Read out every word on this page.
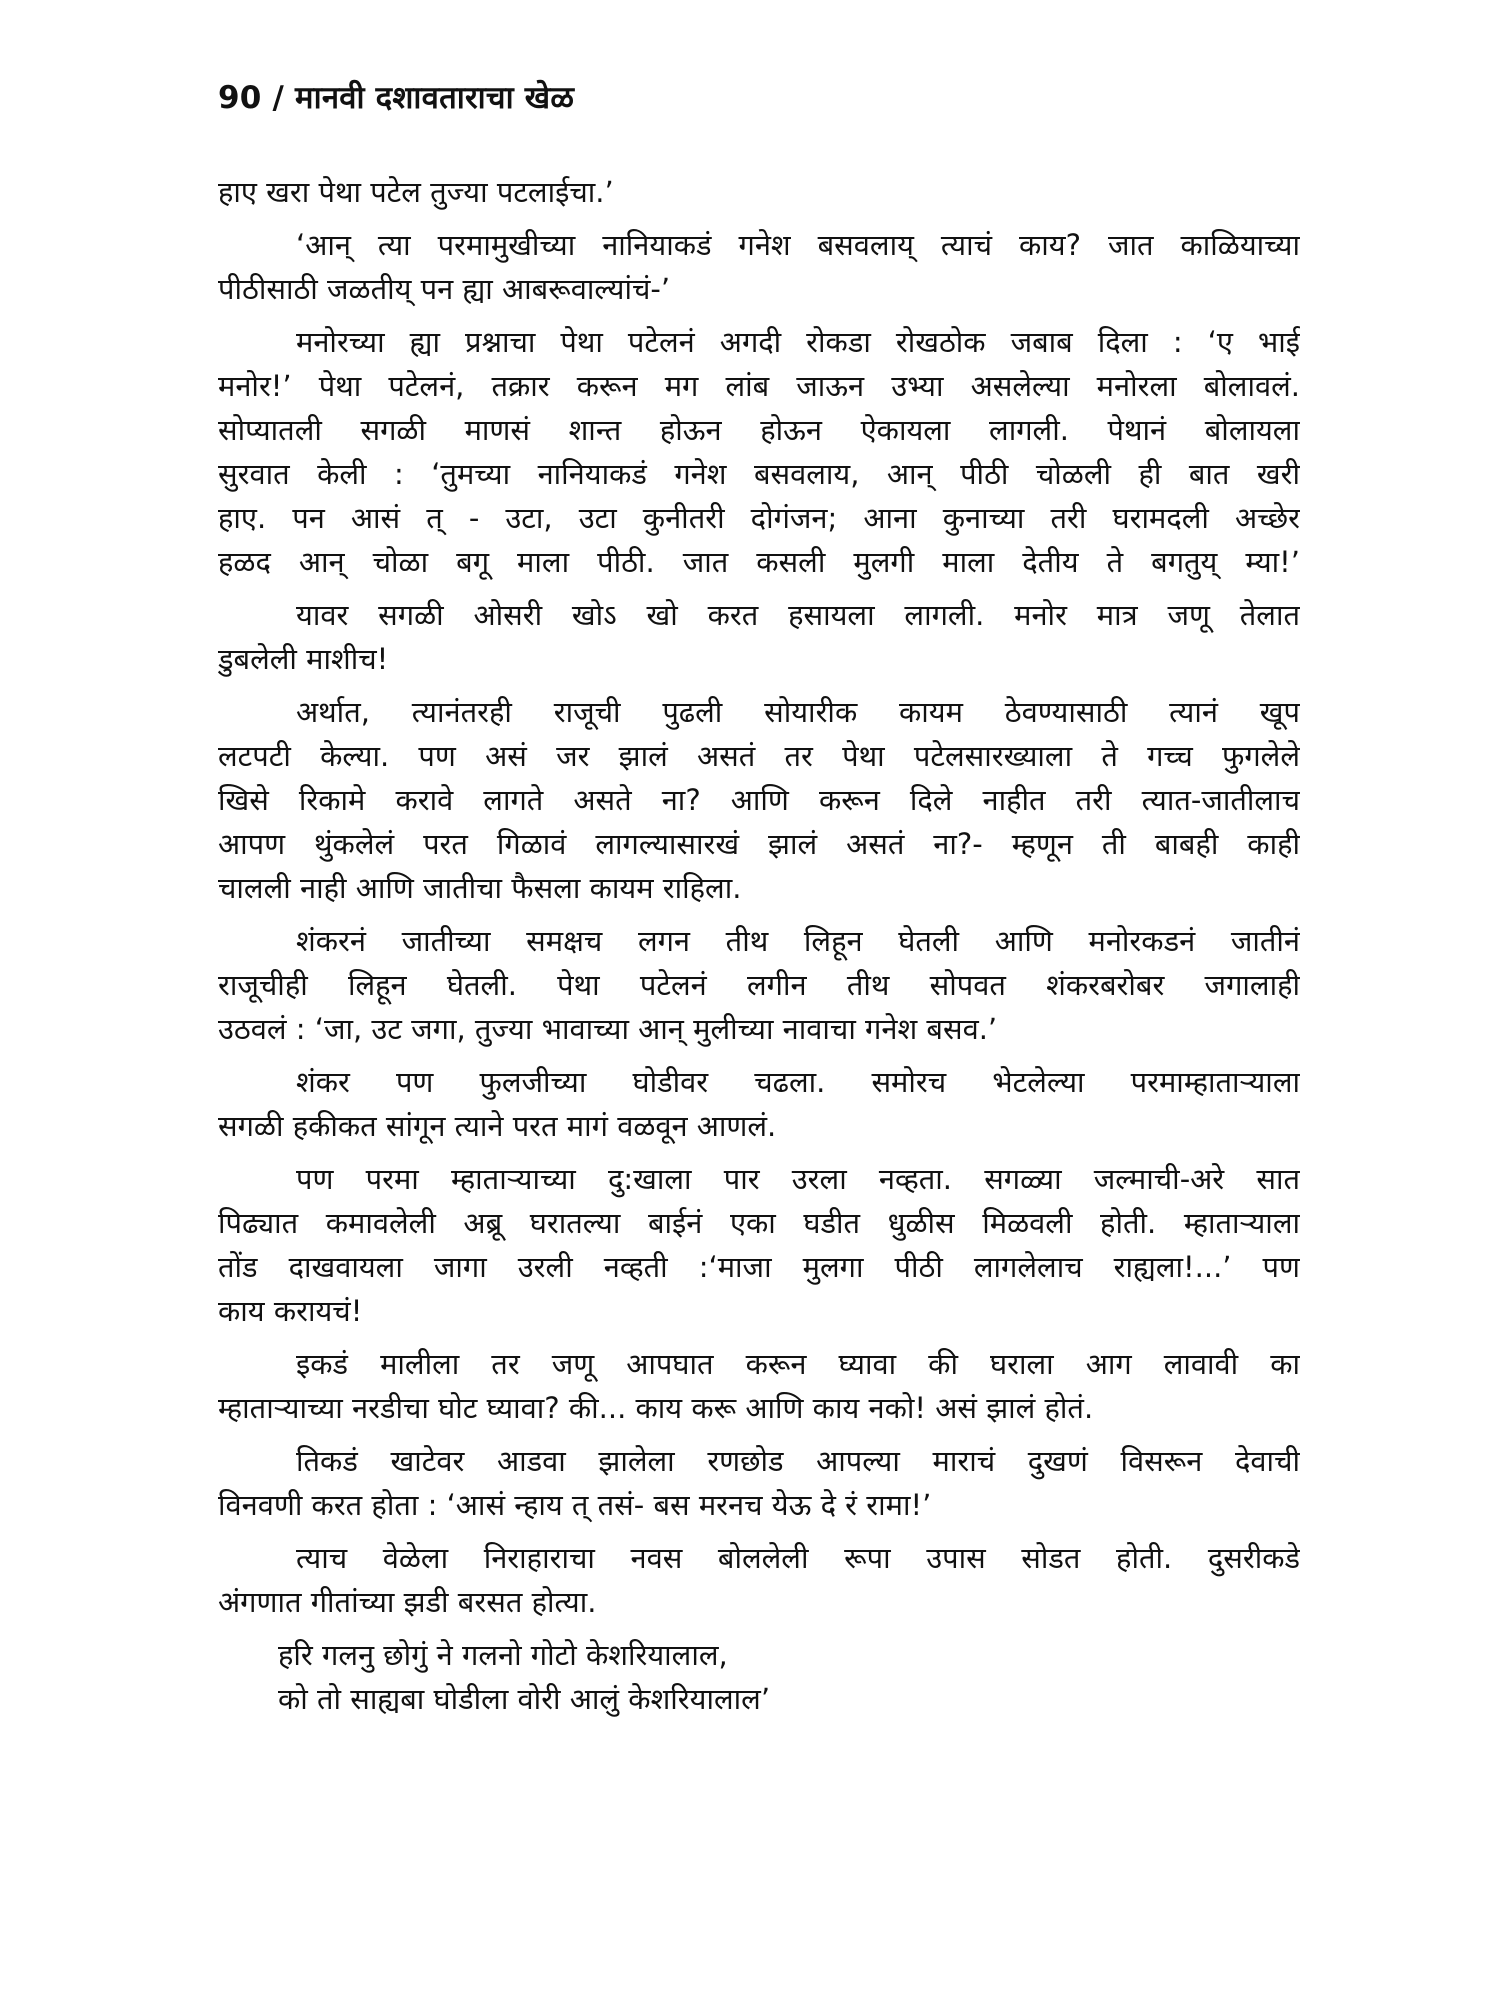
90 / मानवी दशावताराचा खेळ
हाए खरा पेथा पटेल तुज्या पटलाईचा.’
‘आन् त्या परमामुखीच्या नानियाकडं गनेश बसवलाय् त्याचं काय? जात काळियाच्या
पीठीसाठी जळतीय् पन ह्या आबरूवाल्यांचं-’
मनोरच्या ह्या प्रश्नाचा पेथा पटेलनं अगदी रोकडा रोखठोक जबाब दिला : ‘ए भाई
मनोर!’ पेथा पटेलनं, तक्रार करून मग लांब जाऊन उभ्या असलेल्या मनोरला बोलावलं.
सोप्यातली सगळी माणसं शान्त होऊन होऊन ऐकायला लागली. पेथानं बोलायला
सुरवात केली : ‘तुमच्या नानियाकडं गनेश बसवलाय, आन् पीठी चोळली ही बात खरी
हाए. पन आसं त् - उटा, उटा कुनीतरी दोगंजन; आना कुनाच्या तरी घरामदली अच्छेर
हळद आन् चोळा बगू माला पीठी. जात कसली मुलगी माला देतीय ते बगतुय् म्या!’
यावर सगळी ओसरी खोऽ खो करत हसायला लागली. मनोर मात्र जणू तेलात
डुबलेली माशीच!
अर्थात, त्यानंतरही राजूची पुढली सोयारीक कायम ठेवण्यासाठी त्यानं खूप
लटपटी केल्या. पण असं जर झालं असतं तर पेथा पटेलसारख्याला ते गच्च फुगलेले
खिसे रिकामे करावे लागते असते ना? आणि करून दिले नाहीत तरी त्यात-जातीलाच
आपण थुंकलेलं परत गिळावं लागल्यासारखं झालं असतं ना?- म्हणून ती बाबही काही
चालली नाही आणि जातीचा फैसला कायम राहिला.
शंकरनं जातीच्या समक्षच लगन तीथ लिहून घेतली आणि मनोरकडनं जातीनं
राजूचीही लिहून घेतली. पेथा पटेलनं लगीन तीथ सोपवत शंकरबरोबर जगालाही
उठवलं : ‘जा, उट जगा, तुज्या भावाच्या आन् मुलीच्या नावाचा गनेश बसव.’
शंकर पण फुलजीच्या घोडीवर चढला. समोरच भेटलेल्या परमाम्हाताऱ्याला
सगळी हकीकत सांगून त्याने परत मागं वळवून आणलं.
पण परमा म्हाताऱ्याच्या दु:खाला पार उरला नव्हता. सगळ्या जल्माची-अरे सात
पिढ्यात कमावलेली अब्रू घरातल्या बाईनं एका घडीत धुळीस मिळवली होती. म्हाताऱ्याला
तोंड दाखवायला जागा उरली नव्हती :‘माजा मुलगा पीठी लागलेलाच राह्यला!...’ पण
काय करायचं!
इकडं मालीला तर जणू आपघात करून घ्यावा की घराला आग लावावी का
म्हाताऱ्याच्या नरडीचा घोट घ्यावा? की... काय करू आणि काय नको! असं झालं होतं.
तिकडं खाटेवर आडवा झालेला रणछोड आपल्या माराचं दुखणं विसरून देवाची
विनवणी करत होता : ‘आसं न्हाय त् तसं- बस मरनच येऊ दे रं रामा!’
त्याच वेळेला निराहाराचा नवस बोललेली रूपा उपास सोडत होती. दुसरीकडे
अंगणात गीतांच्या झडी बरसत होत्या.
हरि गलनु छोगुं ने गलनो गोटो केशरियालाल,
को तो साह्यबा घोडीला वोरी आलुं केशरियालाल’
